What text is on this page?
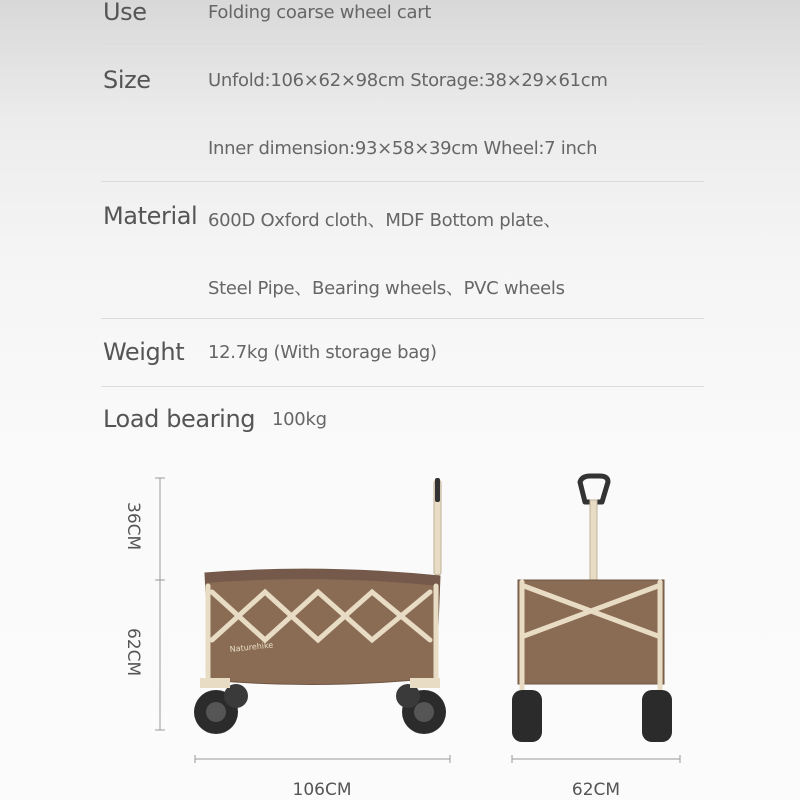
Use	Folding coarse wheel cart
Size	Unfold:106×62×98cm Storage:38×29×61cm
Inner dimension:93×58×39cm Wheel:7 inch
Material 600D Oxford cloth、MDF Bottom plate、
Steel Pipe、Bearing wheels、PVC wheels
Weight 12.7kg (With storage bag)
Load bearing 100kg
36CM
62CM
106CM	62CM
Naturehike
